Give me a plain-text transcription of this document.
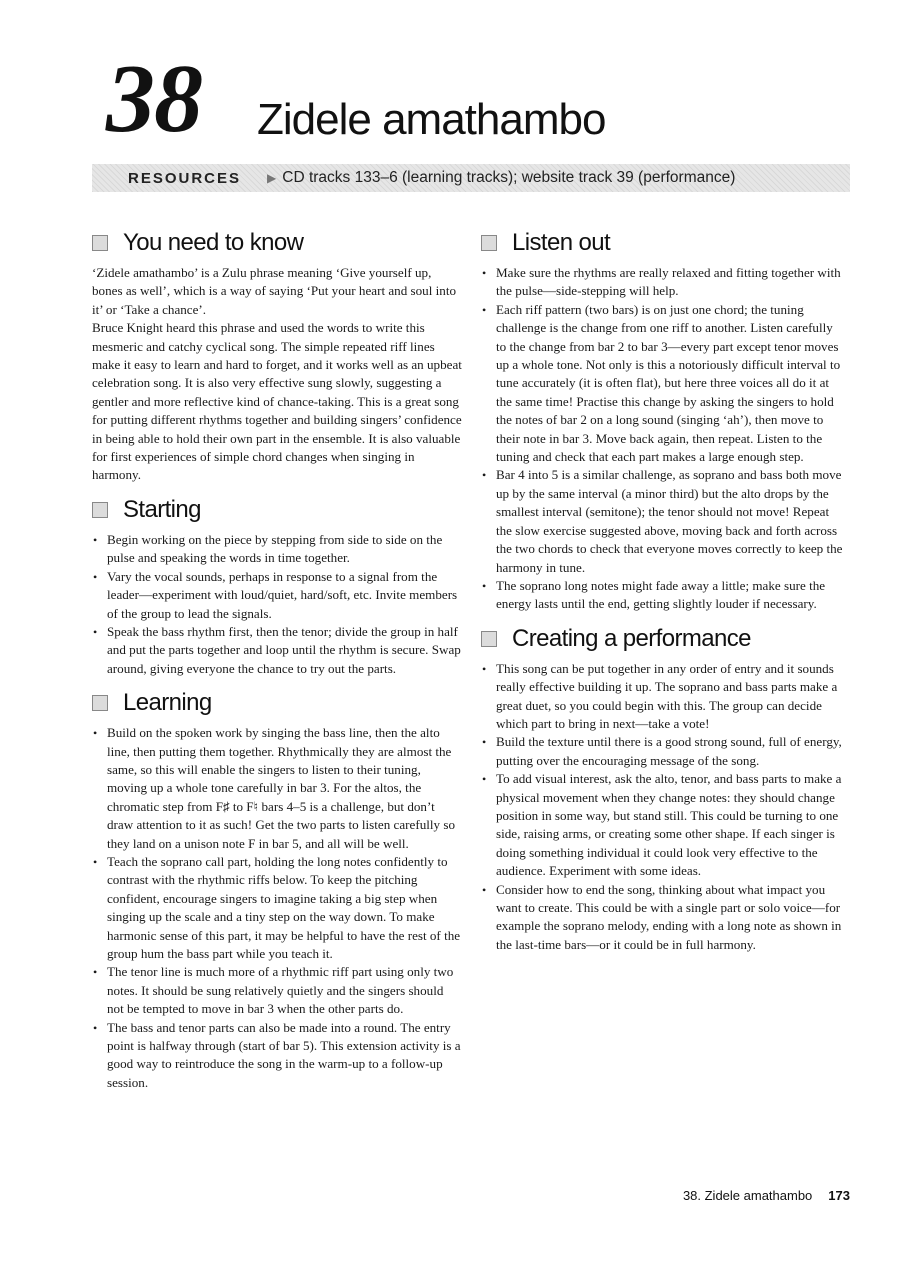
38 Zidele amathambo
RESOURCES ▶ CD tracks 133–6 (learning tracks); website track 39 (performance)
You need to know

‘Zidele amathambo’ is a Zulu phrase meaning ‘Give yourself up, bones as well’, which is a way of saying ‘Put your heart and soul into it’ or ‘Take a chance’.

Bruce Knight heard this phrase and used the words to write this mesmeric and catchy cyclical song. The simple repeated riff lines make it easy to learn and hard to forget, and it works well as an upbeat celebration song. It is also very effective sung slowly, suggesting a gentler and more reflective kind of chance-taking. This is a great song for putting different rhythms together and building singers’ confidence in being able to hold their own part in the ensemble. It is also valuable for first experiences of simple chord changes when singing in harmony.

Starting
• Begin working on the piece by stepping from side to side on the pulse and speaking the words in time together.
• Vary the vocal sounds, perhaps in response to a signal from the leader—experiment with loud/quiet, hard/soft, etc. Invite members of the group to lead the signals.
• Speak the bass rhythm first, then the tenor; divide the group in half and put the parts together and loop until the rhythm is secure. Swap around, giving everyone the chance to try out the parts.
Learning
• Build on the spoken work by singing the bass line, then the alto line, then putting them together. Rhythmically they are almost the same, so this will enable the singers to listen to their tuning, moving up a whole tone carefully in bar 3. For the altos, the chromatic step from F♯ to F♮ bars 4–5 is a challenge, but don’t draw attention to it as such! Get the two parts to listen carefully so they land on a unison note F in bar 5, and all will be well.
• Teach the soprano call part, holding the long notes confidently to contrast with the rhythmic riffs below. To keep the pitching confident, encourage singers to imagine taking a big step when singing up the scale and a tiny step on the way down. To make harmonic sense of this part, it may be helpful to have the rest of the group hum the bass part while you teach it.
• The tenor line is much more of a rhythmic riff part using only two notes. It should be sung relatively quietly and the singers should not be tempted to move in bar 3 when the other parts do.
• The bass and tenor parts can also be made into a round. The entry point is halfway through (start of bar 5). This extension activity is a good way to reintroduce the song in the warm-up to a follow-up session.
Listen out
• Make sure the rhythms are really relaxed and fitting together with the pulse—side-stepping will help.
• Each riff pattern (two bars) is on just one chord; the tuning challenge is the change from one riff to another. Listen carefully to the change from bar 2 to bar 3—every part except tenor moves up a whole tone. Not only is this a notoriously difficult interval to tune accurately (it is often flat), but here three voices all do it at the same time! Practise this change by asking the singers to hold the notes of bar 2 on a long sound (singing ‘ah’), then move to their note in bar 3. Move back again, then repeat. Listen to the tuning and check that each part makes a large enough step.
• Bar 4 into 5 is a similar challenge, as soprano and bass both move up by the same interval (a minor third) but the alto drops by the smallest interval (semitone); the tenor should not move! Repeat the slow exercise suggested above, moving back and forth across the two chords to check that everyone moves correctly to keep the harmony in tune.
• The soprano long notes might fade away a little; make sure the energy lasts until the end, getting slightly louder if necessary.
Creating a performance
• This song can be put together in any order of entry and it sounds really effective building it up. The soprano and bass parts make a great duet, so you could begin with this. The group can decide which part to bring in next—take a vote!
• Build the texture until there is a good strong sound, full of energy, putting over the encouraging message of the song.
• To add visual interest, ask the alto, tenor, and bass parts to make a physical movement when they change notes: they should change position in some way, but stand still. This could be turning to one side, raising arms, or creating some other shape. If each singer is doing something individual it could look very effective to the audience. Experiment with some ideas.
• Consider how to end the song, thinking about what impact you want to create. This could be with a single part or solo voice—for example the soprano melody, ending with a long note as shown in the last-time bars—or it could be in full harmony.
38. Zidele amathambo 173
